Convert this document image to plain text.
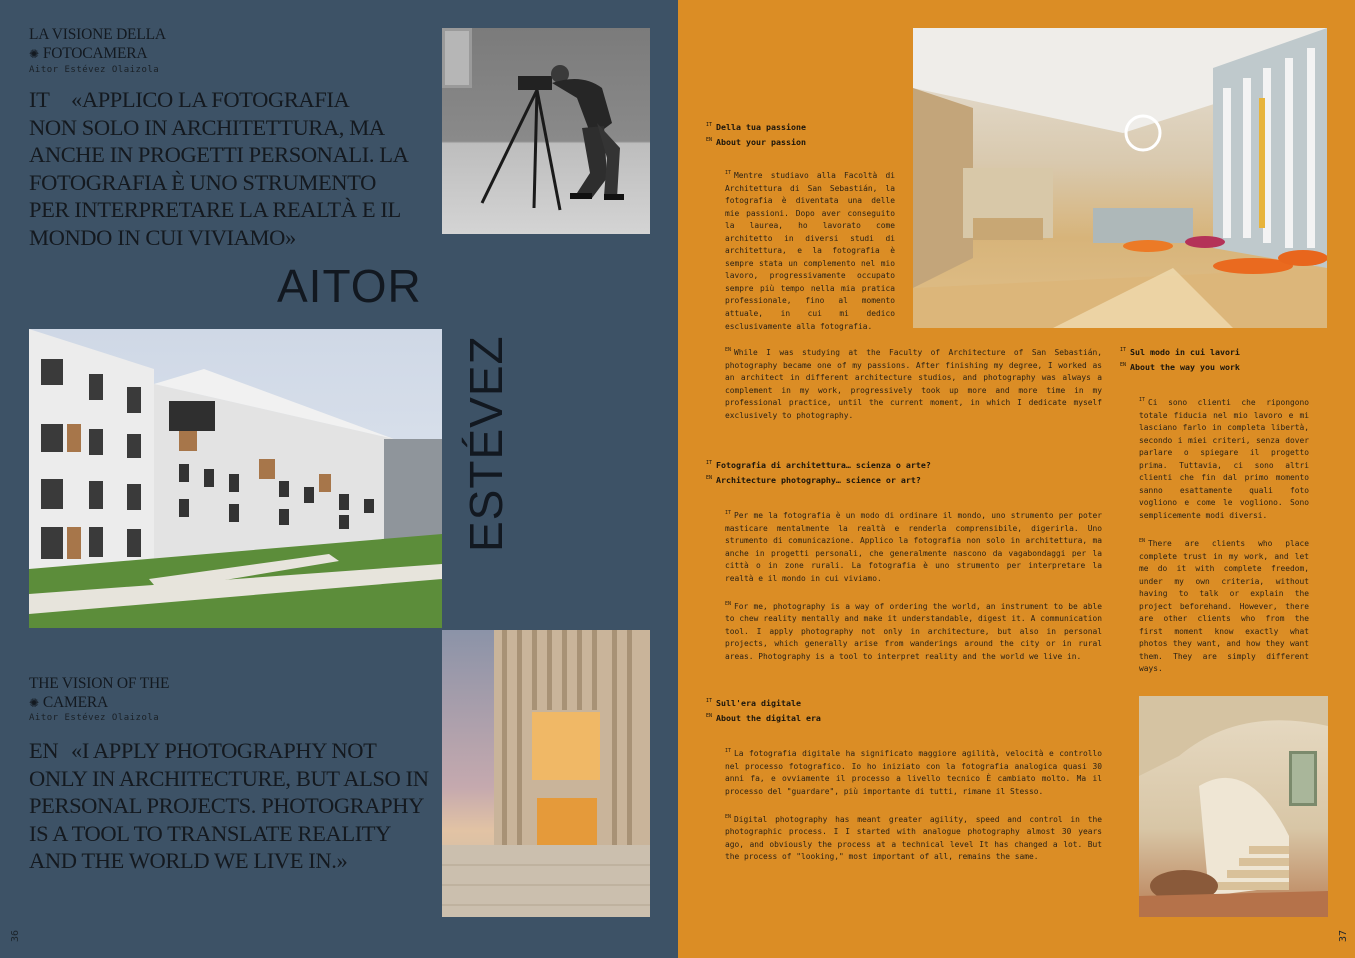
LA VISIONE DELLA
✺ FOTOCAMERA
Aitor Estévez Olaizola
IT «APPLICO LA FOTOGRAFIA
NON SOLO IN ARCHITETTURA, MA
ANCHE IN PROGETTI PERSONALI. LA
FOTOGRAFIA È UNO STRUMENTO
PER INTERPRETARE LA REALTÀ E IL
MONDO IN CUI VIVIAMO»
AITOR
ESTÉVEZ
THE VISION OF THE
✺ CAMERA
Aitor Estévez Olaizola
EN «I APPLY PHOTOGRAPHY NOT
ONLY IN ARCHITECTURE, BUT ALSO IN
PERSONAL PROJECTS. PHOTOGRAPHY
IS A TOOL TO TRANSLATE REALITY
AND THE WORLD WE LIVE IN.»
36
$^{IT}$ Della tua passione
$^{EN}$ About your passion

$^{IT}$ Mentre studiavo alla Facoltà di Architettura di San Sebastián, la fotografia è diventata una delle mie passioni. Dopo aver conseguito la laurea, ho lavorato come architetto in diversi studi di architettura, e la fotografia è sempre stata un complemento nel mio lavoro, progressivamente occupato sempre più tempo nella mia pratica professionale, fino al momento attuale, in cui mi dedico esclusivamente alla fotografia.

$^{EN}$ While I was studying at the Faculty of Architecture of San Sebastián, photography became one of my passions. After finishing my degree, I worked as an architect in different architecture studios, and photography was always a complement in my work, progressively took up more and more time in my professional practice, until the current moment, in which I dedicate myself exclusively to photography.

$^{IT}$ Fotografia di architettura… scienza o arte?
$^{EN}$ Architecture photography… science or art?

$^{IT}$ Per me la fotografia è un modo di ordinare il mondo, uno strumento per poter masticare mentalmente la realtà e renderla comprensibile, digerirla. Uno strumento di comunicazione. Applico la fotografia non solo in architettura, ma anche in progetti personali, che generalmente nascono da vagabondaggi per la città o in zone rurali. La fotografia è uno strumento per interpretare la realtà e il mondo in cui viviamo.

$^{EN}$ For me, photography is a way of ordering the world, an instrument to be able to chew reality mentally and make it understandable, digest it. A communication tool. I apply photography not only in architecture, but also in personal projects, which generally arise from wanderings around the city or in rural areas. Photography is a tool to interpret reality and the world we live in.

$^{IT}$ Sul modo in cui lavori
$^{EN}$ About the way you work

$^{IT}$ Ci sono clienti che ripongono totale fiducia nel mio lavoro e mi lasciano farlo in completa libertà, secondo i miei criteri, senza dover parlare o spiegare il progetto prima. Tuttavia, ci sono altri clienti che fin dal primo momento sanno esattamente quali foto vogliono e come le vogliono. Sono semplicemente modi diversi.

$^{EN}$ There are clients who place complete trust in my work, and let me do it with complete freedom, under my own criteria, without having to talk or explain the project beforehand. However, there are other clients who from the first moment know exactly what photos they want, and how they want them. They are simply different ways.

$^{IT}$ Sull'era digitale
$^{EN}$ About the digital era

$^{IT}$ La fotografia digitale ha significato maggiore agilità, velocità e controllo nel processo fotografico. Io ho iniziato con la fotografia analogica quasi 30 anni fa, e ovviamente il processo a livello tecnico È cambiato molto. Ma il processo del "guardare", più importante di tutti, rimane il Stesso.

$^{EN}$ Digital photography has meant greater agility, speed and control in the photographic process. I I started with analogue photography almost 30 years ago, and obviously the process at a technical level It has changed a lot. But the process of "looking," most important of all, remains the same.

37
